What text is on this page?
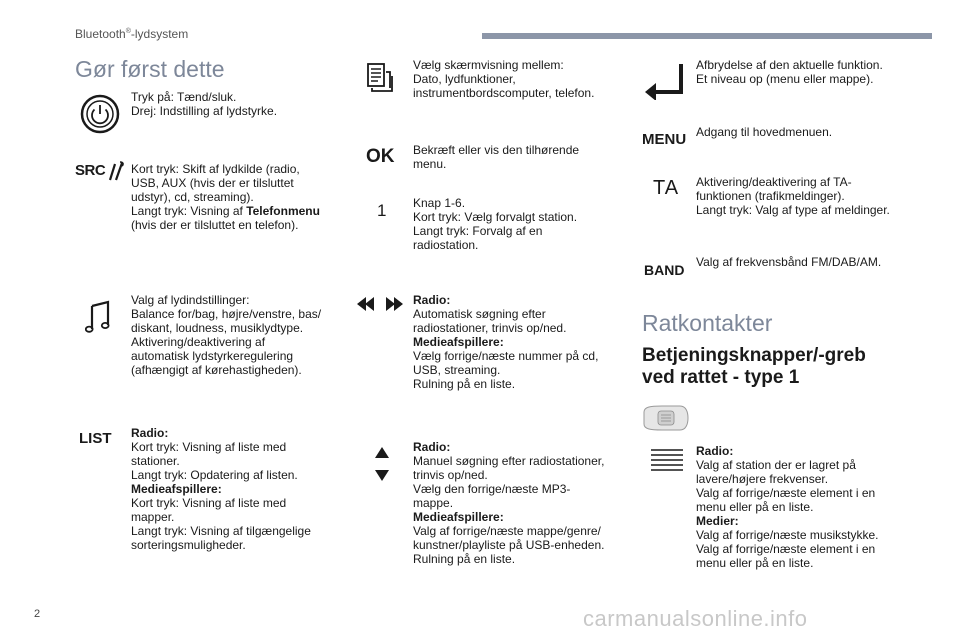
Bluetooth®-lydsystem
Gør først dette

Tryk på: Tænd/sluk.

Drej: Indstilling af lydstyrke.

SRC Kort tryk: Skift af lydkilde (radio,

USB, AUX (hvis der er tilsluttet

udstyr), cd, streaming).

Langt tryk: Visning af Telefonmenu

(hvis der er tilsluttet en telefon).

Valg af lydindstillinger:

Balance for/bag, højre/venstre, bas/

diskant, loudness, musiklydtype.

Aktivering/deaktivering af

automatisk lydstyrkeregulering

(afhængigt af kørehastigheden).

LIST Radio:

Kort tryk: Visning af liste med

stationer.

Langt tryk: Opdatering af listen.

Medieafspillere:

Kort tryk: Visning af liste med

mapper.

Langt tryk: Visning af tilgængelige

sorteringsmuligheder.

Vælg skærmvisning mellem:

Dato, lydfunktioner,

instrumentbordscomputer, telefon.

OK Bekræft eller vis den tilhørende

menu.

1 Knap 1-6.

Kort tryk: Vælg forvalgt station.

Langt tryk: Forvalg af en

radiostation.

Radio:

Automatisk søgning efter

radiostationer, trinvis op/ned.

Medieafspillere:

Vælg forrige/næste nummer på cd,

USB, streaming.

Rulning på en liste.

Radio:

Manuel søgning efter radiostationer,

trinvis op/ned.

Vælg den forrige/næste MP3-

mappe.

Medieafspillere:

Valg af forrige/næste mappe/genre/

kunstner/playliste på USB-enheden.

Rulning på en liste.

Afbrydelse af den aktuelle funktion.

Et niveau op (menu eller mappe).

MENU Adgang til hovedmenuen.

TA Aktivering/deaktivering af TA-

funktionen (trafikmeldinger).

Langt tryk: Valg af type af meldinger.

BAND Valg af frekvensbånd FM/DAB/AM.

Ratkontakter
Betjeningsknapper/-greb
ved rattet - type 1

Radio:

Valg af station der er lagret på

lavere/højere frekvenser.

Valg af forrige/næste element i en

menu eller på en liste.

Medier:

Valg af forrige/næste musikstykke.

Valg af forrige/næste element i en

menu eller på en liste.

2	carmanualsonline.info
